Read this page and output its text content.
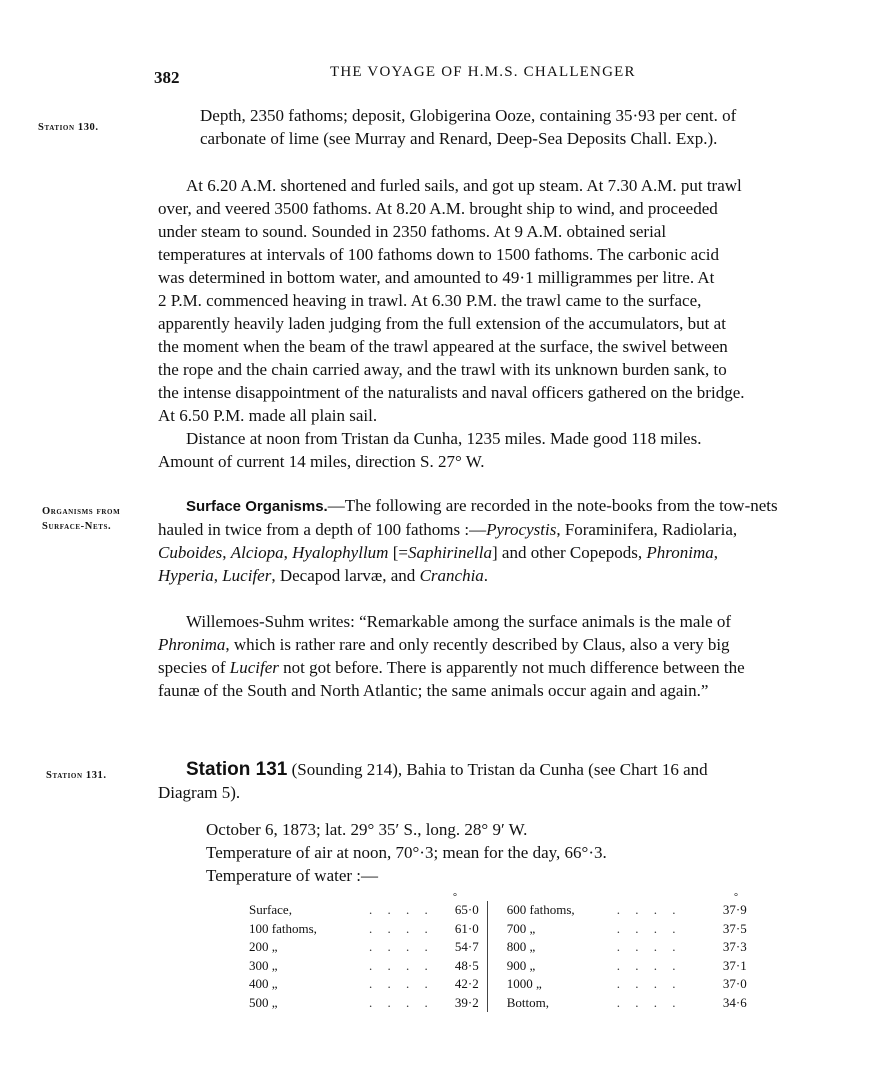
382	THE VOYAGE OF H.M.S. CHALLENGER
Station 130.
Depth, 2350 fathoms; deposit, Globigerina Ooze, containing 35·93 per cent. of
carbonate of lime (see Murray and Renard, Deep-Sea Deposits Chall. Exp.).
At 6.20 A.M. shortened and furled sails, and got up steam. At 7.30 A.M. put trawl
over, and veered 3500 fathoms. At 8.20 A.M. brought ship to wind, and proceeded
under steam to sound. Sounded in 2350 fathoms. At 9 A.M. obtained serial
temperatures at intervals of 100 fathoms down to 1500 fathoms. The carbonic acid
was determined in bottom water, and amounted to 49·1 milligrammes per litre. At
2 P.M. commenced heaving in trawl. At 6.30 P.M. the trawl came to the surface,
apparently heavily laden judging from the full extension of the accumulators, but at
the moment when the beam of the trawl appeared at the surface, the swivel between
the rope and the chain carried away, and the trawl with its unknown burden sank, to
the intense disappointment of the naturalists and naval officers gathered on the bridge.
At 6.50 P.M. made all plain sail.
Distance at noon from Tristan da Cunha, 1235 miles. Made good 118 miles.
Amount of current 14 miles, direction S. 27° W.
Organisms from
Surface-Nets.
Surface Organisms.—The following are recorded in the note-books from the tow-nets
hauled in twice from a depth of 100 fathoms :—Pyrocystis, Foraminifera, Radiolaria,
Cuboides, Alciopa, Hyalophyllum [=Saphirinella] and other Copepods, Phronima,
Hyperia, Lucifer, Decapod larvæ, and Cranchia.
Willemoes-Suhm writes: “Remarkable among the surface animals is the male of
Phronima, which is rather rare and only recently described by Claus, also a very big
species of Lucifer not got before. There is apparently not much difference between the
faunæ of the South and North Atlantic; the same animals occur again and again.”
Station 131.	Station 131 (Sounding 214), Bahia to Tristan da Cunha (see Chart 16 and
Diagram 5).
October 6, 1873; lat. 29° 35′ S., long. 28° 9′ W.
Temperature of air at noon, 70°·3; mean for the day, 66°·3.
Temperature of water :—
°	°
Surface,	. . . .	65·0		600 fathoms,	. . . .	37·9
100 fathoms,	. . . .	61·0		700 „	. . . .	37·5
200 „	. . . .	54·7		800 „	. . . .	37·3
300 „	. . . .	48·5		900 „	. . . .	37·1
400 „	. . . .	42·2		1000 „	. . . .	37·0
500 „	. . . .	39·2		Bottom,	. . . .	34·6
